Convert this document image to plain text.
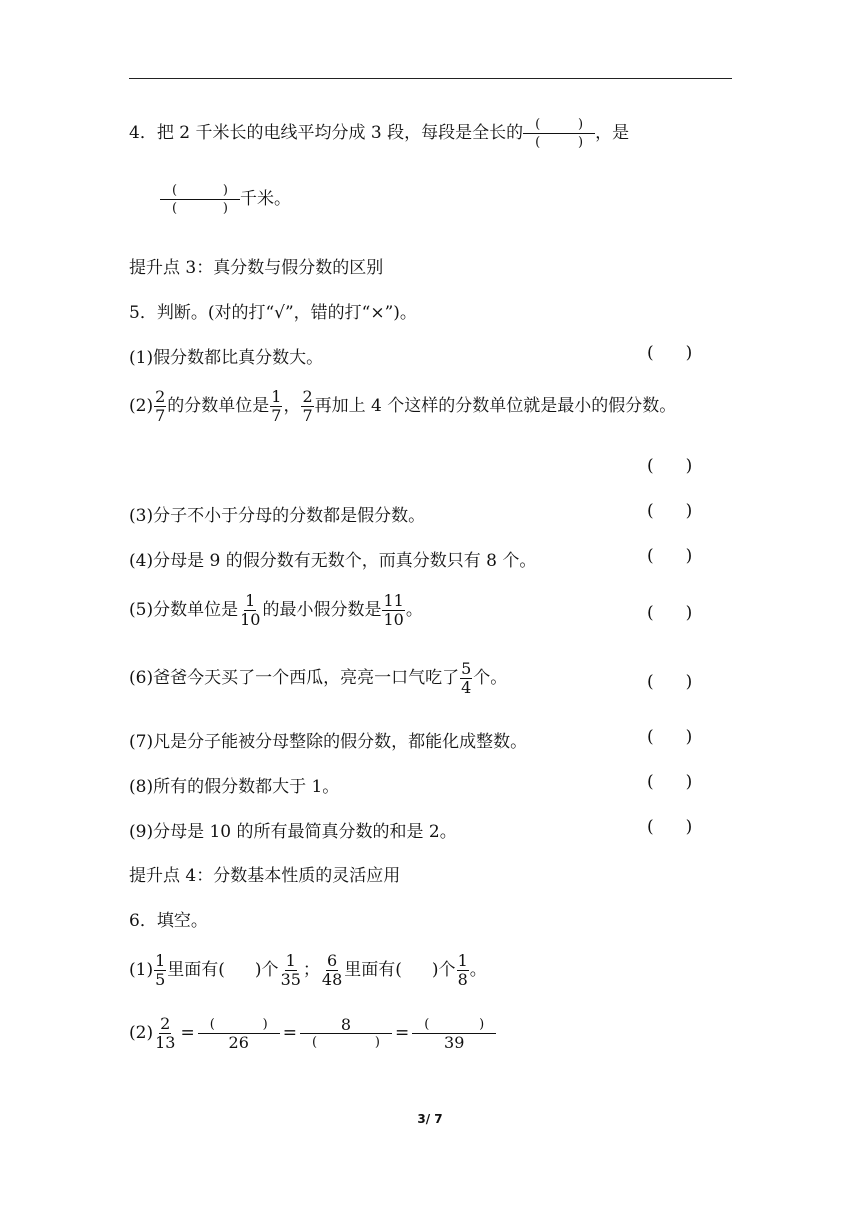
4．把 2 千米长的电线平均分成 3 段，每段是全长的 (	)
(	) ，是
(	)
(	) 千米。
提升点 3：真分数与假分数的区别
5．判断。(对的打“√”，错的打“×”)。
(1)假分数都比真分数大。	( )
$(2) \frac{2}{7}$ 的分数单位是 $\frac{1}{7}$ ， $\frac{2}{7}$ 再加上 4 个这样的分数单位就是最小的假分数。
( )
(3)分子不小于分母的分数都是假分数。	( )
(4)分母是 9 的假分数有无数个，而真分数只有 8 个。	( )
(5)分数单位是 $\frac{1}{10}$ 的最小假分数是 $\frac{11}{10}$ 。	( )
(6)爸爸今天买了一个西瓜，亮亮一口气吃了 $\frac{5}{4}$ 个。	( )
(7)凡是分子能被分母整除的假分数，都能化成整数。	( )
(8)所有的假分数都大于 1。	( )
(9)分母是 10 的所有最简真分数的和是 2。	( )
提升点 4：分数基本性质的灵活应用
6．填空。
$(1) \frac{1}{5}$ 里面有( )个 $\frac{1}{35}$ ； $\frac{6}{48}$ 里面有( )个 $\frac{1}{8}$ 。
$(2) \frac{2}{13}$ = (	)
26 = 8
(	) = (	)
39
3/ 7
